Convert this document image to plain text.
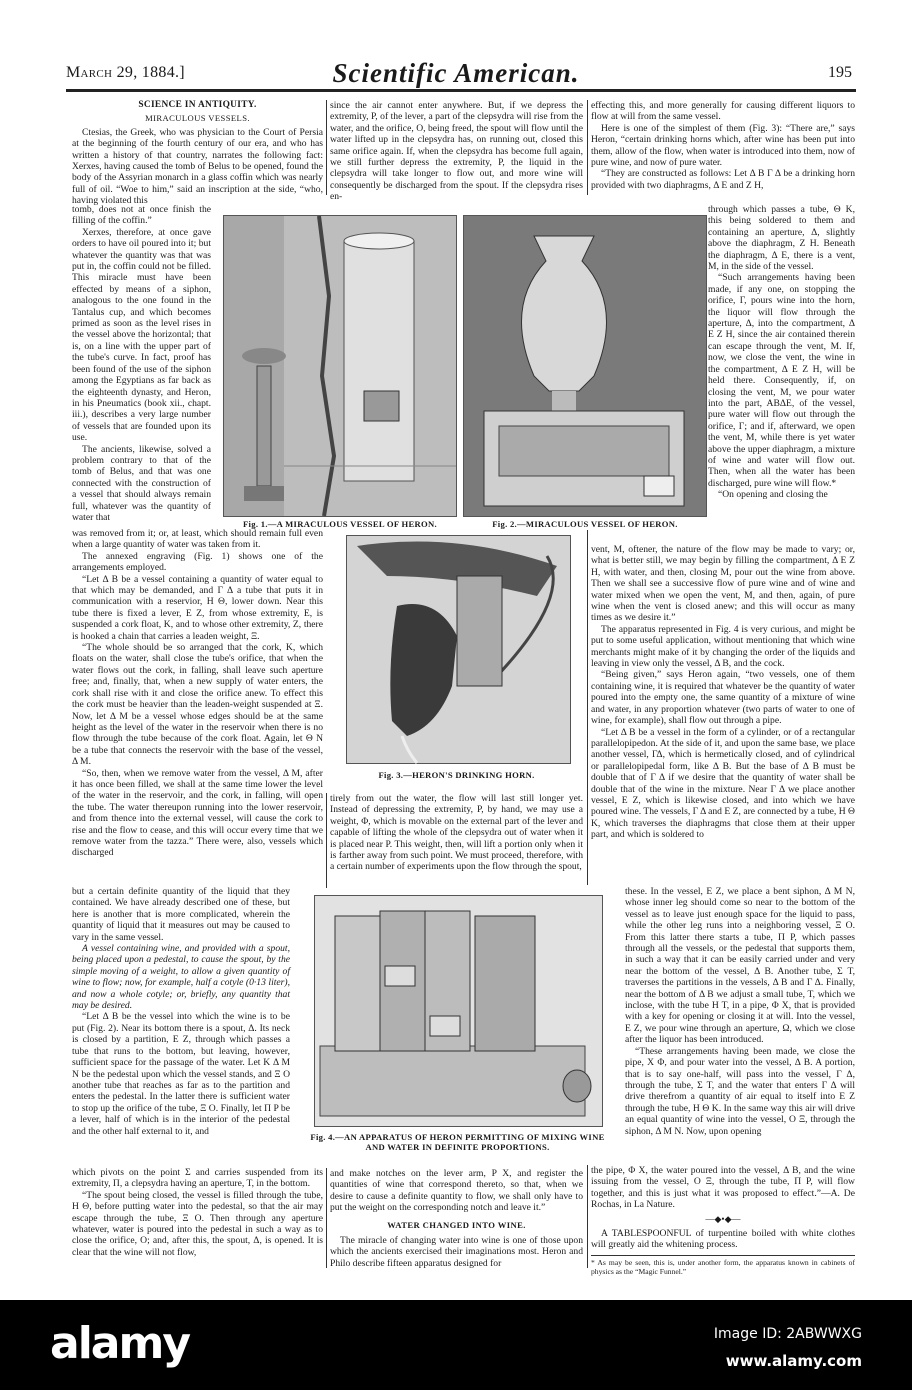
March 29, 1884.]	Scientific American.	195
SCIENCE IN ANTIQUITY.
MIRACULOUS VESSELS.

Ctesias, the Greek, who was physician to the Court of Persia at the beginning of the fourth century of our era, and who has written a history of that country, narrates the following fact: Xerxes, having caused the tomb of Belus to be opened, found the body of the Assyrian monarch in a glass coffin which was nearly full of oil. “Woe to him,” said an inscription at the side, “who, having violated this

tomb, does not at once finish the filling of the coffin.”

Xerxes, therefore, at once gave orders to have oil poured into it; but whatever the quantity was that was put in, the coffin could not be filled. This miracle must have been effected by means of a siphon, analogous to the one found in the Tantalus cup, and which becomes primed as soon as the level rises in the vessel above the horizontal; that is, on a line with the upper part of the tube's curve. In fact, proof has been found of the use of the siphon among the Egyptians as far back as the eighteenth dynasty, and Heron, in his Pneumatics (book xii., chapt. iii.), describes a very large number of vessels that are founded upon its use.

The ancients, likewise, solved a problem contrary to that of the tomb of Belus, and that was one connected with the construction of a vessel that should always remain full, whatever was the quantity of water that

was removed from it; or, at least, which should remain full even when a large quantity of water was taken from it.

The annexed engraving (Fig. 1) shows one of the arrangements employed.

“Let Δ B be a vessel containing a quantity of water equal to that which may be demanded, and Γ Δ a tube that puts it in communication with a reservior, H Θ, lower down. Near this tube there is fixed a lever, E Z, from whose extremity, E, is suspended a cork float, K, and to whose other extremity, Z, there is hooked a chain that carries a leaden weight, Ξ.

“The whole should be so arranged that the cork, K, which floats on the water, shall close the tube's orifice, that when the water flows out the cork, in falling, shall leave such aperture free; and, finally, that, when a new supply of water enters, the cork shall rise with it and close the orifice anew. To effect this the cork must be heavier than the leaden-weight suspended at Ξ. Now, let Δ M be a vessel whose edges should be at the same height as the level of the water in the reservoir when there is no flow through the tube because of the cork float. Again, let Θ N be a tube that connects the reservoir with the base of the vessel, Δ M.

“So, then, when we remove water from the vessel, Δ M, after it has once been filled, we shall at the same time lower the level of the water in the reservoir, and the cork, in falling, will open the tube. The water thereupon running into the lower reservoir, and from thence into the external vessel, will cause the cork to rise and the flow to cease, and this will occur every time that we remove water from the tazza.” There were, also, vessels which discharged

but a certain definite quantity of the liquid that they contained. We have already described one of these, but here is another that is more complicated, wherein the quantity of liquid that it measures out may be caused to vary in the same vessel.

A vessel containing wine, and provided with a spout, being placed upon a pedestal, to cause the spout, by the simple moving of a weight, to allow a given quantity of wine to flow; now, for example, half a cotyle (0·13 liter), and now a whole cotyle; or, briefly, any quantity that may be desired.

“Let Δ B be the vessel into which the wine is to be put (Fig. 2). Near its bottom there is a spout, Δ. Its neck is closed by a partition, E Z, through which passes a tube that runs to the bottom, but leaving, however, sufficient space for the passage of the water. Let K Δ M N be the pedestal upon which the vessel stands, and Ξ O another tube that reaches as far as to the partition and enters the pedestal. In the latter there is sufficient water to stop up the orifice of the tube, Ξ O. Finally, let Π P be a lever, half of which is in the interior of the pedestal and the other half external to it, and

which pivots on the point Σ and carries suspended from its extremity, Π, a clepsydra having an aperture, T, in the bottom.

“The spout being closed, the vessel is filled through the tube, H Θ, before putting water into the pedestal, so that the air may escape through the tube, Ξ O. Then through any aperture whatever, water is poured into the pedestal in such a way as to close the orifice, O; and, after this, the spout, Δ, is opened. It is clear that the wine will not flow,

since the air cannot enter anywhere. But, if we depress the extremity, P, of the lever, a part of the clepsydra will rise from the water, and the orifice, O, being freed, the spout will flow until the water lifted up in the clepsydra has, on running out, closed this same orifice again. If, when the clepsydra has become full again, we still further depress the extremity, P, the liquid in the clepsydra will take longer to flow out, and more wine will consequently be discharged from the spout. If the clepsydra rises en-

tirely from out the water, the flow will last still longer yet. Instead of depressing the extremity, P, by hand, we may use a weight, Φ, which is movable on the external part of the lever and capable of lifting the whole of the clepsydra out of water when it is placed near P. This weight, then, will lift a portion only when it is farther away from such point. We must proceed, therefore, with a certain number of experiments upon the flow through the spout,

and make notches on the lever arm, P X, and register the quantities of wine that correspond thereto, so that, when we desire to cause a definite quantity to flow, we shall only have to put the weight on the corresponding notch and leave it.”

WATER CHANGED INTO WINE.

The miracle of changing water into wine is one of those upon which the ancients exercised their imaginations most. Heron and Philo describe fifteen apparatus designed for

effecting this, and more generally for causing different liquors to flow at will from the same vessel.

Here is one of the simplest of them (Fig. 3): “There are,” says Heron, “certain drinking horns which, after wine has been put into them, allow of the flow, when water is introduced into them, now of pure wine, and now of pure water.

“They are constructed as follows: Let Δ B Γ Δ be a drinking horn provided with two diaphragms, Δ E and Z H,

through which passes a tube, Θ K, this being soldered to them and containing an aperture, Δ, slightly above the diaphragm, Z H. Beneath the diaphragm, Δ E, there is a vent, M, in the side of the vessel.

“Such arrangements having been made, if any one, on stopping the orifice, Γ, pours wine into the horn, the liquor will flow through the aperture, Δ, into the compartment, Δ E Z H, since the air contained therein can escape through the vent, M. If, now, we close the vent, the wine in the compartment, Δ E Z H, will be held there. Consequently, if, on closing the vent, M, we pour water into the part, ABΔE, of the vessel, pure water will flow out through the orifice, Γ; and if, afterward, we open the vent, M, while there is yet water above the upper diaphragm, a mixture of wine and water will flow out. Then, when all the water has been discharged, pure wine will flow.*

“On opening and closing the

vent, M, oftener, the nature of the flow may be made to vary; or, what is better still, we may begin by filling the compartment, Δ E Z H, with water, and then, closing M, pour out the wine from above. Then we shall see a successive flow of pure wine and of wine and water mixed when we open the vent, M, and then, again, of pure wine when the vent is closed anew; and this will occur as many times as we desire it.”

The apparatus represented in Fig. 4 is very curious, and might be put to some useful application, without mentioning that which wine merchants might make of it by changing the order of the liquids and leaving in view only the vessel, Δ B, and the cock.

“Being given,” says Heron again, “two vessels, one of them containing wine, it is required that whatever be the quantity of water poured into the empty one, the same quantity of a mixture of wine and water, in any proportion whatever (two parts of water to one of wine, for example), shall flow out through a pipe.

“Let Δ B be a vessel in the form of a cylinder, or of a rectangular parallelopipedon. At the side of it, and upon the same base, we place another vessel, ΓΔ, which is hermetically closed, and of cylindrical or parallelopipedal form, like Δ B. But the base of Δ B must be double that of Γ Δ if we desire that the quantity of water shall be double that of the wine in the mixture. Near Γ Δ we place another vessel, E Z, which is likewise closed, and into which we have poured wine. The vessels, Γ Δ and E Z, are connected by a tube, H Θ K, which traverses the diaphragms that close them at their upper part, and which is soldered to

these. In the vessel, E Z, we place a bent siphon, Δ M N, whose inner leg should come so near to the bottom of the vessel as to leave just enough space for the liquid to pass, while the other leg runs into a neighboring vessel, Ξ O. From this latter there starts a tube, Π P, which passes through all the vessels, or the pedestal that supports them, in such a way that it can be easily carried under and very near the bottom of the vessel, Δ B. Another tube, Σ T, traverses the partitions in the vessels, Δ B and Γ Δ. Finally, near the bottom of Δ B we adjust a small tube, T, which we inclose, with the tube H T, in a pipe, Φ X, that is provided with a key for opening or closing it at will. Into the vessel, E Z, we pour wine through an aperture, Ω, which we close after the liquor has been introduced.

“These arrangements having been made, we close the pipe, X Φ, and pour water into the vessel, Δ B. A portion, that is to say one-half, will pass into the vessel, Γ Δ, through the tube, Σ T, and the water that enters Γ Δ will drive therefrom a quantity of air equal to itself into E Z through the tube, H Θ K. In the same way this air will drive an equal quantity of wine into the vessel, O Ξ, through the siphon, Δ M N. Now, upon opening

the pipe, Φ X, the water poured into the vessel, Δ B, and the wine issuing from the vessel, O Ξ, through the tube, Π P, will flow together, and this is just what it was proposed to effect.”—A. De Rochas, in La Nature.

—◆•◆—

A TABLESPOONFUL of turpentine boiled with white clothes will greatly aid the whitening process.

* As may be seen, this is, under another form, the apparatus known in cabinets of physics as the “Magic Funnel.”
Fig. 1.—A MIRACULOUS VESSEL OF HERON.	Fig. 2.—MIRACULOUS VESSEL OF HERON.
Fig. 3.—HERON'S DRINKING HORN.
Fig. 4.—AN APPARATUS OF HERON PERMITTING OF MIXING WINE AND WATER IN DEFINITE PROPORTIONS.
alamy	Image ID: 2ABWWXG
www.alamy.com
